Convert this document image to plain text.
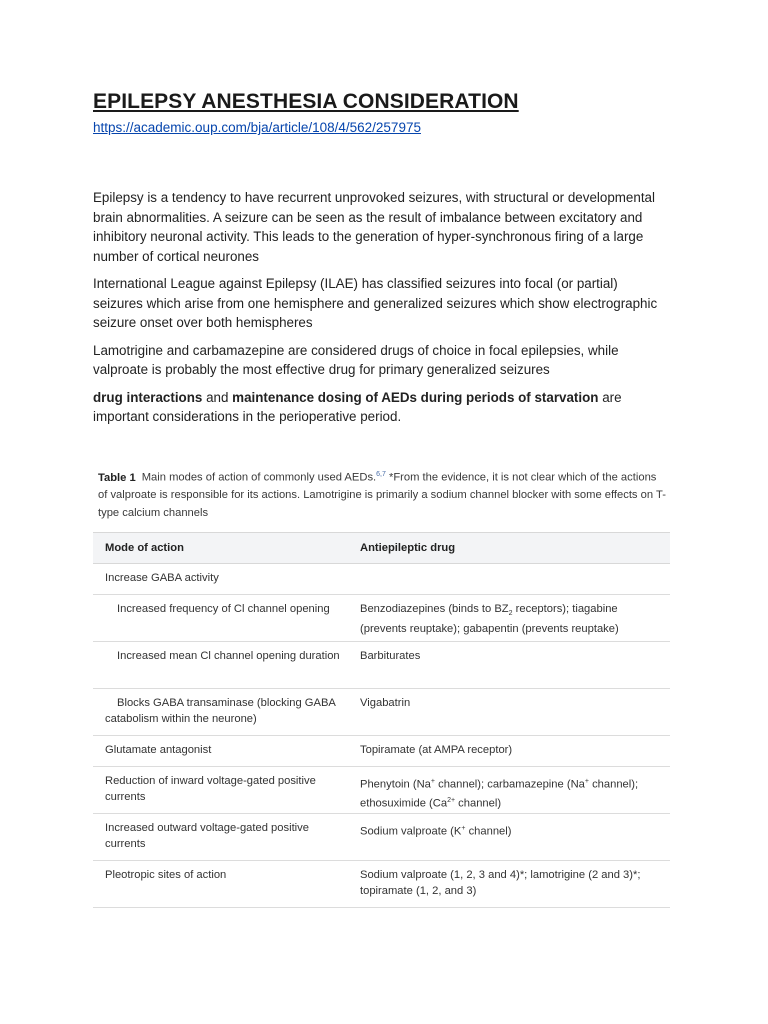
EPILEPSY ANESTHESIA CONSIDERATION
https://academic.oup.com/bja/article/108/4/562/257975

Epilepsy is a tendency to have recurrent unprovoked seizures, with structural or developmental brain abnormalities. A seizure can be seen as the result of imbalance between excitatory and inhibitory neuronal activity. This leads to the generation of hyper-synchronous firing of a large number of cortical neurones

International League against Epilepsy (ILAE) has classified seizures into focal (or partial) seizures which arise from one hemisphere and generalized seizures which show electrographic seizure onset over both hemispheres

Lamotrigine and carbamazepine are considered drugs of choice in focal epilepsies, while valproate is probably the most effective drug for primary generalized seizures

drug interactions and maintenance dosing of AEDs during periods of starvation are important considerations in the perioperative period.

Table 1 Main modes of action of commonly used AEDs.$^{6,7}$ *From the evidence, it is not clear which of the actions of valproate is responsible for its actions. Lamotrigine is primarily a sodium channel blocker with some effects on T-type calcium channels
Mode of action	Antiepileptic drug
Increase GABA activity	
Increased frequency of Cl channel opening	Benzodiazepines (binds to $BZ_2$ receptors); tiagabine (prevents reuptake); gabapentin (prevents reuptake)
Increased mean Cl channel opening duration	Barbiturates
Blocks GABA transaminase (blocking GABA catabolism within the neurone)	Vigabatrin
Glutamate antagonist	Topiramate (at AMPA receptor)
Reduction of inward voltage-gated positive currents	Phenytoin (Na+ channel); carbamazepine (Na+ channel); ethosuximide ($Ca^{2+}$ channel)
Increased outward voltage-gated positive currents	Sodium valproate (K+ channel)
Pleotropic sites of action	Sodium valproate (1, 2, 3 and 4)*; lamotrigine (2 and 3)*; topiramate (1, 2, and 3)
